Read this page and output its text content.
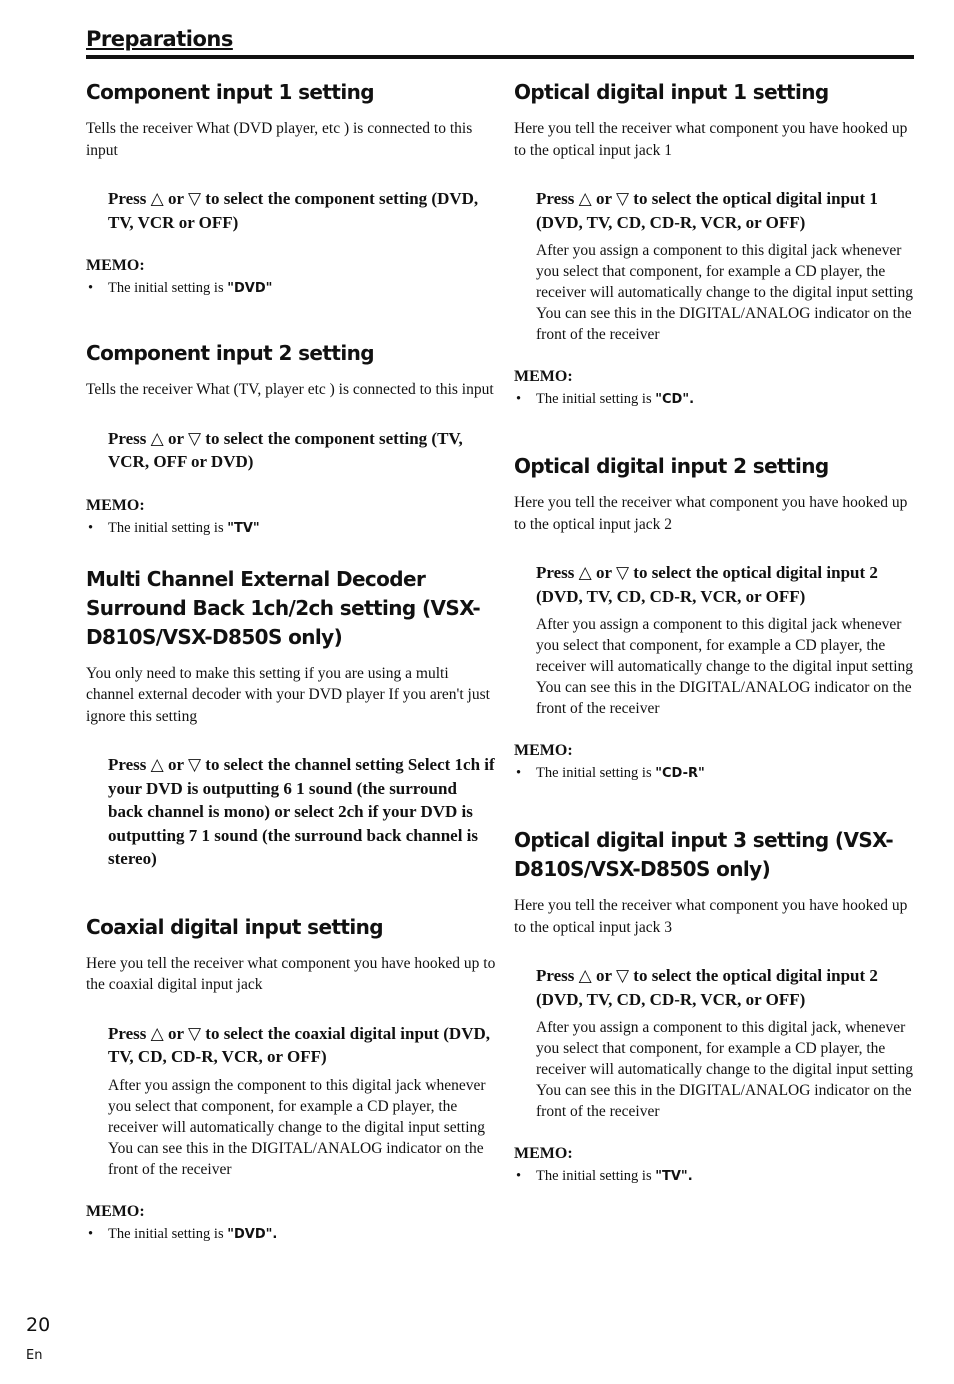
Preparations
Component input 1 setting

Tells the receiver What (DVD player, etc ) is connected to this input

Press △ or ▽ to select the component setting (DVD, TV, VCR or OFF)

MEMO:
• The initial setting is "DVD"
Component input 2 setting

Tells the receiver What (TV, player etc ) is connected to this input

Press △ or ▽ to select the component setting (TV, VCR, OFF or DVD)

MEMO:
• The initial setting is "TV"
Multi Channel External Decoder Surround Back 1ch/2ch setting (VSX-D810S/VSX-D850S only)

You only need to make this setting if you are using a multi channel external decoder with your DVD player If you aren't just ignore this setting

Press △ or ▽ to select the channel setting Select 1ch if your DVD is outputting 6 1 sound (the surround back channel is mono) or select 2ch if your DVD is outputting 7 1 sound (the surround back channel is stereo)

Coaxial digital input setting

Here you tell the receiver what component you have hooked up to the coaxial digital input jack

Press △ or ▽ to select the coaxial digital input (DVD, TV, CD, CD-R, VCR, or OFF)

After you assign the component to this digital jack whenever you select that component, for example a CD player, the receiver will automatically change to the digital input setting You can see this in the DIGITAL/ANALOG indicator on the front of the receiver

MEMO:
• The initial setting is "DVD".
Optical digital input 1 setting

Here you tell the receiver what component you have hooked up to the optical input jack 1

Press △ or ▽ to select the optical digital input 1 (DVD, TV, CD, CD-R, VCR, or OFF)

After you assign a component to this digital jack whenever you select that component, for example a CD player, the receiver will automatically change to the digital input setting You can see this in the DIGITAL/ANALOG indicator on the front of the receiver

MEMO:
• The initial setting is "CD".
Optical digital input 2 setting

Here you tell the receiver what component you have hooked up to the optical input jack 2

Press △ or ▽ to select the optical digital input 2 (DVD, TV, CD, CD-R, VCR, or OFF)

After you assign a component to this digital jack whenever you select that component, for example a CD player, the receiver will automatically change to the digital input setting You can see this in the DIGITAL/ANALOG indicator on the front of the receiver

MEMO:
• The initial setting is "CD-R"
Optical digital input 3 setting (VSX-D810S/VSX-D850S only)

Here you tell the receiver what component you have hooked up to the optical input jack 3

Press △ or ▽ to select the optical digital input 2 (DVD, TV, CD, CD-R, VCR, or OFF)

After you assign a component to this digital jack, whenever you select that component, for example a CD player, the receiver will automatically change to the digital input setting You can see this in the DIGITAL/ANALOG indicator on the front of the receiver

MEMO:
• The initial setting is "TV".
20
En
